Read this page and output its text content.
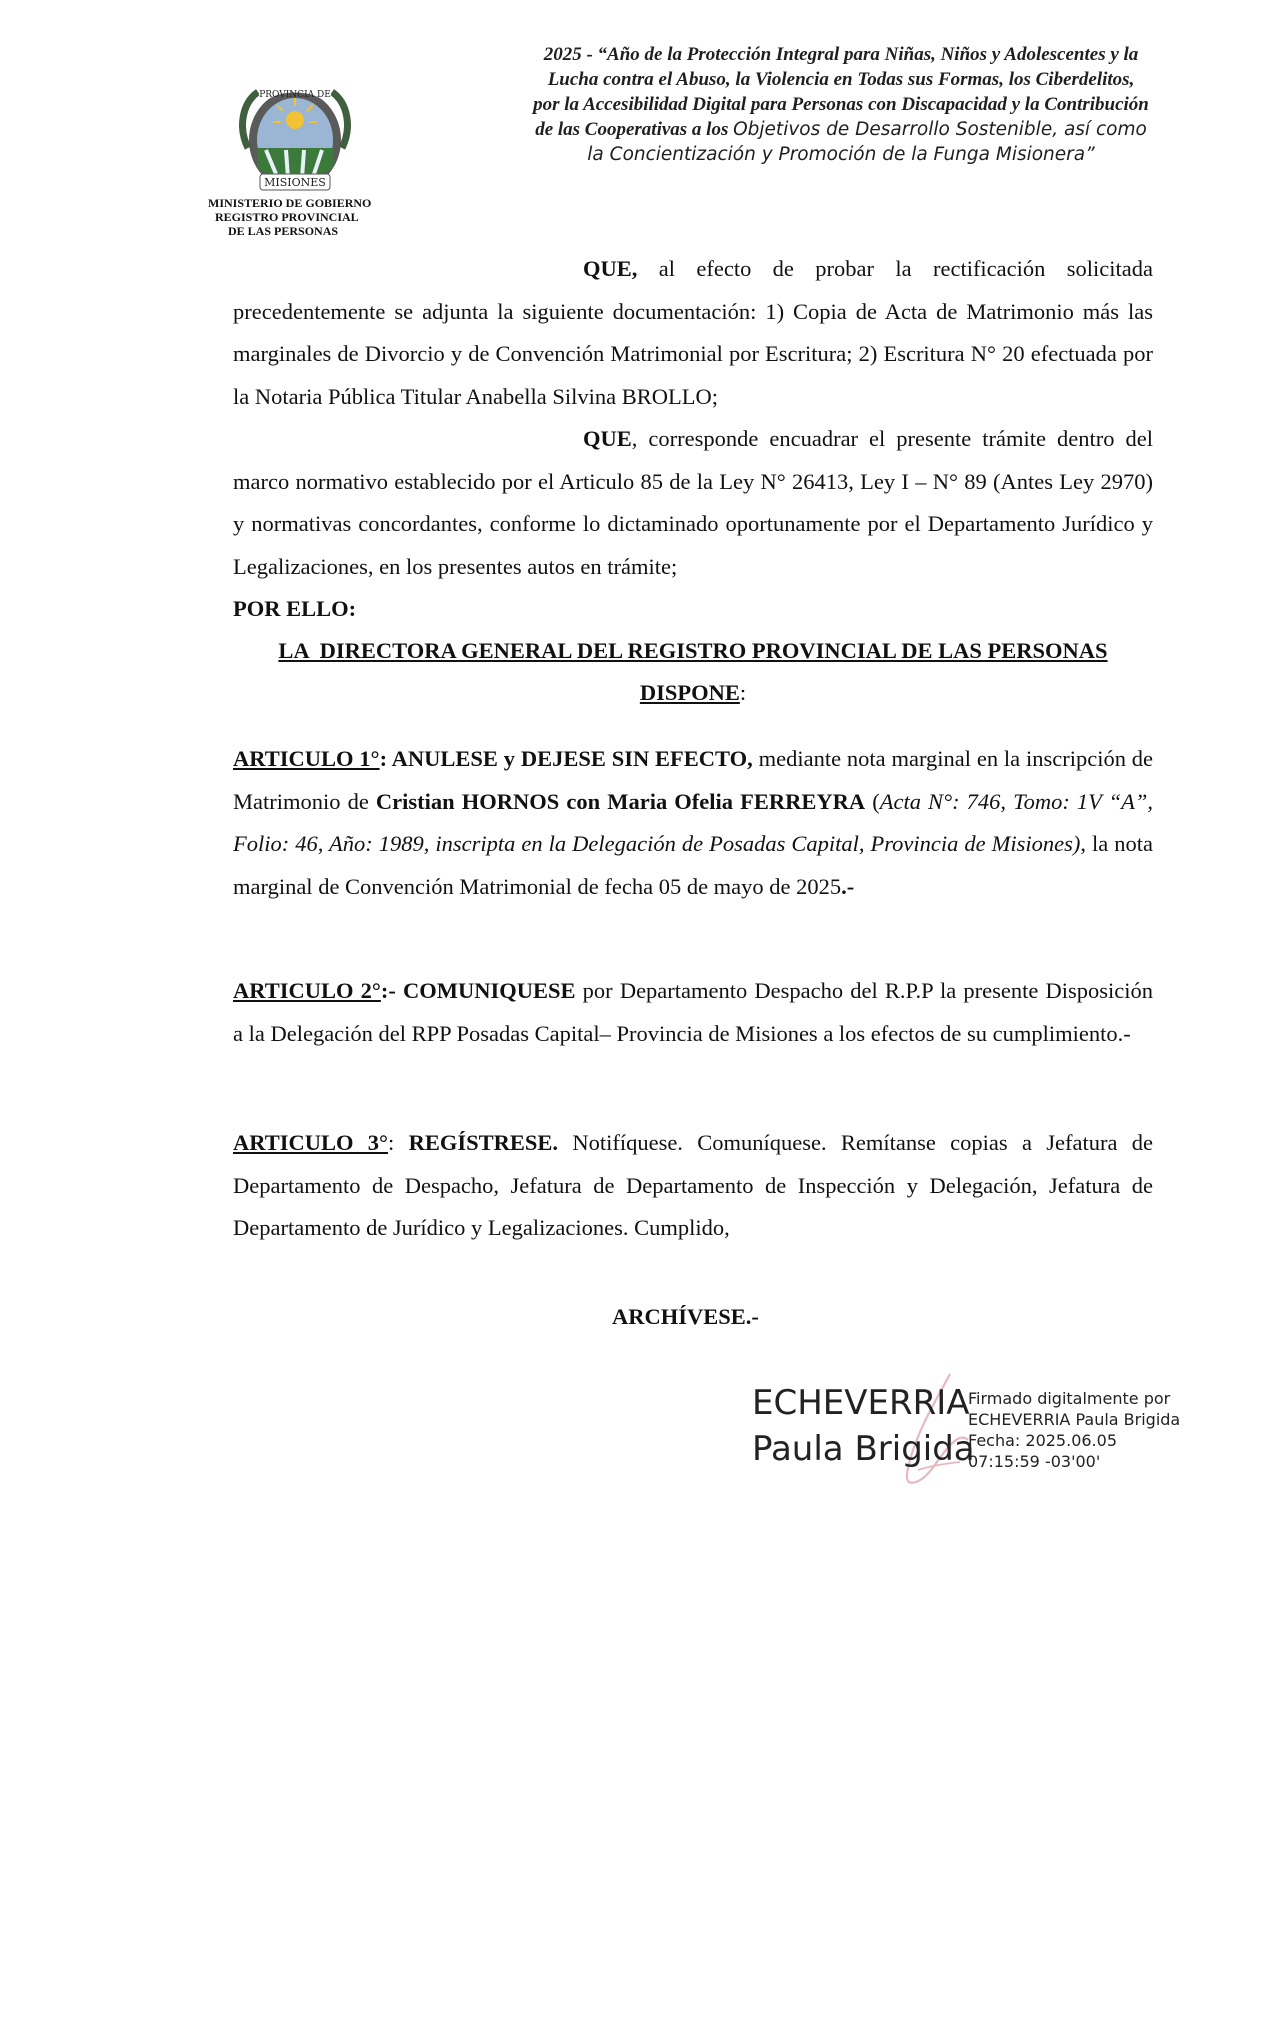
PROVINCIA DE
MISIONES
MINISTERIO DE GOBIERNO
REGISTRO PROVINCIAL
DE LAS PERSONAS
2025 - “Año de la Protección Integral para Niñas, Niños y Adolescentes y la
Lucha contra el Abuso, la Violencia en Todas sus Formas, los Ciberdelitos,
por la Accesibilidad Digital para Personas con Discapacidad y la Contribución
de las Cooperativas a los Objetivos de Desarrollo Sostenible, así como
la Concientización y Promoción de la Funga Misionera”
QUE, al efecto de probar la rectificación solicitada precedentemente se adjunta la siguiente documentación: 1) Copia de Acta de Matrimonio más las marginales de Divorcio y de Convención Matrimonial por Escritura; 2) Escritura N° 20 efectuada por la Notaria Pública Titular Anabella Silvina BROLLO;
QUE, corresponde encuadrar el presente trámite dentro del marco normativo establecido por el Articulo 85 de la Ley N° 26413, Ley I – N° 89 (Antes Ley 2970) y normativas concordantes, conforme lo dictaminado oportunamente por el Departamento Jurídico y Legalizaciones, en los presentes autos en trámite;
POR ELLO:
LA  DIRECTORA GENERAL DEL REGISTRO PROVINCIAL DE LAS PERSONAS
DISPONE:
ARTICULO 1°: ANULESE y DEJESE SIN EFECTO, mediante nota marginal en la inscripción de Matrimonio de Cristian HORNOS con Maria Ofelia FERREYRA (Acta N°: 746, Tomo: 1V “A”, Folio: 46, Año: 1989, inscripta en la Delegación de Posadas Capital, Provincia de Misiones), la nota marginal de Convención Matrimonial de fecha 05 de mayo de 2025.-
ARTICULO 2°:- COMUNIQUESE por Departamento Despacho del R.P.P la presente Disposición a la Delegación del RPP Posadas Capital– Provincia de Misiones a los efectos de su cumplimiento.-
ARTICULO 3°: REGÍSTRESE. Notifíquese. Comuníquese. Remítanse copias a Jefatura de Departamento de Despacho, Jefatura de Departamento de Inspección y Delegación, Jefatura de Departamento de Jurídico y Legalizaciones. Cumplido,
ARCHÍVESE.-
ECHEVERRIA
Paula Brigida
Firmado digitalmente por
ECHEVERRIA Paula Brigida
Fecha: 2025.06.05
07:15:59 -03'00'
